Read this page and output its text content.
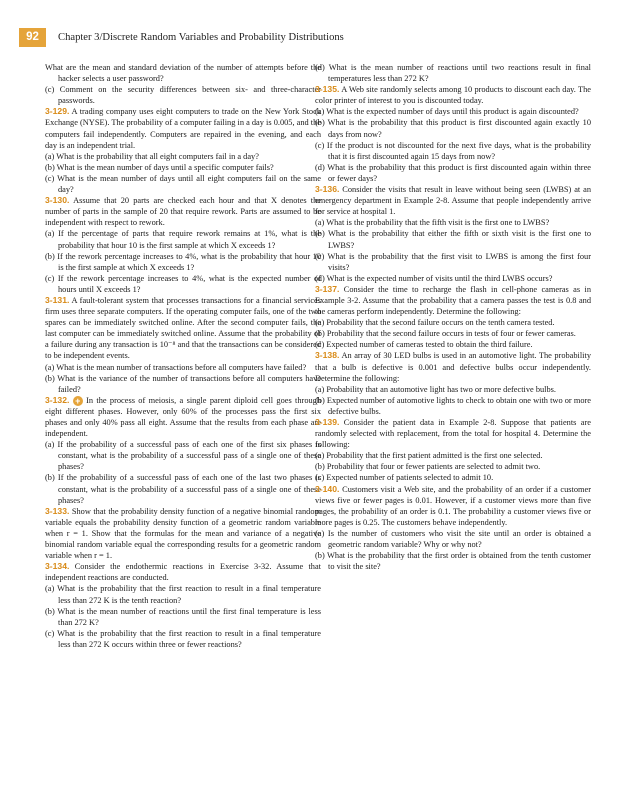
92	Chapter 3/Discrete Random Variables and Probability Distributions

What are the mean and standard deviation of the number of attempts before the hacker selects a user password?

(c) Comment on the security differences between six- and three-character passwords.

3-129. A trading company uses eight computers to trade on the New York Stock Exchange (NYSE). The probability of a computer failing in a day is 0.005, and the computers fail independently. Computers are repaired in the evening, and each day is an independent trial.

(a) What is the probability that all eight computers fail in a day?

(b) What is the mean number of days until a specific computer fails?

(c) What is the mean number of days until all eight computers fail on the same day?

3-130. Assume that 20 parts are checked each hour and that X denotes the number of parts in the sample of 20 that require rework. Parts are assumed to be independent with respect to rework.

(a) If the percentage of parts that require rework remains at 1%, what is the probability that hour 10 is the first sample at which X exceeds 1?

(b) If the rework percentage increases to 4%, what is the probability that hour 10 is the first sample at which X exceeds 1?

(c) If the rework percentage increases to 4%, what is the expected number of hours until X exceeds 1?

3-131. A fault-tolerant system that processes transactions for a financial services firm uses three separate computers. If the operating computer fails, one of the two spares can be immediately switched online. After the second computer fails, the last computer can be immediately switched online. Assume that the probability of a failure during any transaction is 10⁻⁸ and that the transactions can be considered to be independent events.

(a) What is the mean number of transactions before all computers have failed?

(b) What is the variance of the number of transactions before all computers have failed?

3-132. + In the process of meiosis, a single parent diploid cell goes through eight different phases. However, only 60% of the processes pass the first six phases and only 40% pass all eight. Assume that the results from each phase are independent.

(a) If the probability of a successful pass of each one of the first six phases is constant, what is the probability of a successful pass of a single one of these phases?

(b) If the probability of a successful pass of each one of the last two phases is constant, what is the probability of a successful pass of a single one of these phases?

3-133. Show that the probability density function of a negative binomial random variable equals the probability density function of a geometric random variable when r = 1. Show that the formulas for the mean and variance of a negative binomial random variable equal the corresponding results for a geometric random variable when r = 1.

3-134. Consider the endothermic reactions in Exercise 3-32. Assume that independent reactions are conducted.

(a) What is the probability that the first reaction to result in a final temperature less than 272 K is the tenth reaction?

(b) What is the mean number of reactions until the first final temperature is less than 272 K?

(c) What is the probability that the first reaction to result in a final temperature less than 272 K occurs within three or fewer reactions?

(d) What is the mean number of reactions until two reactions result in final temperatures less than 272 K?

3-135. A Web site randomly selects among 10 products to discount each day. The color printer of interest to you is discounted today.

(a) What is the expected number of days until this product is again discounted?

(b) What is the probability that this product is first discounted again exactly 10 days from now?

(c) If the product is not discounted for the next five days, what is the probability that it is first discounted again 15 days from now?

(d) What is the probability that this product is first discounted again within three or fewer days?

3-136. Consider the visits that result in leave without being seen (LWBS) at an emergency department in Example 2-8. Assume that people independently arrive for service at hospital 1.

(a) What is the probability that the fifth visit is the first one to LWBS?

(b) What is the probability that either the fifth or sixth visit is the first one to LWBS?

(c) What is the probability that the first visit to LWBS is among the first four visits?

(d) What is the expected number of visits until the third LWBS occurs?

3-137. Consider the time to recharge the flash in cell-phone cameras as in Example 3-2. Assume that the probability that a camera passes the test is 0.8 and the cameras perform independently. Determine the following:

(a) Probability that the second failure occurs on the tenth camera tested.

(b) Probability that the second failure occurs in tests of four or fewer cameras.

(c) Expected number of cameras tested to obtain the third failure.

3-138. An array of 30 LED bulbs is used in an automotive light. The probability that a bulb is defective is 0.001 and defective bulbs occur independently. Determine the following:

(a) Probability that an automotive light has two or more defective bulbs.

(b) Expected number of automotive lights to check to obtain one with two or more defective bulbs.

3-139. Consider the patient data in Example 2-8. Suppose that patients are randomly selected with replacement, from the total for hospital 4. Determine the following:

(a) Probability that the first patient admitted is the first one selected.

(b) Probability that four or fewer patients are selected to admit two.

(c) Expected number of patients selected to admit 10.

3-140. Customers visit a Web site, and the probability of an order if a customer views five or fewer pages is 0.01. However, if a customer views more than five pages, the probability of an order is 0.1. The probability a customer views five or more pages is 0.25. The customers behave independently.

(a) Is the number of customers who visit the site until an order is obtained a geometric random variable? Why or why not?

(b) What is the probability that the first order is obtained from the tenth customer to visit the site?
